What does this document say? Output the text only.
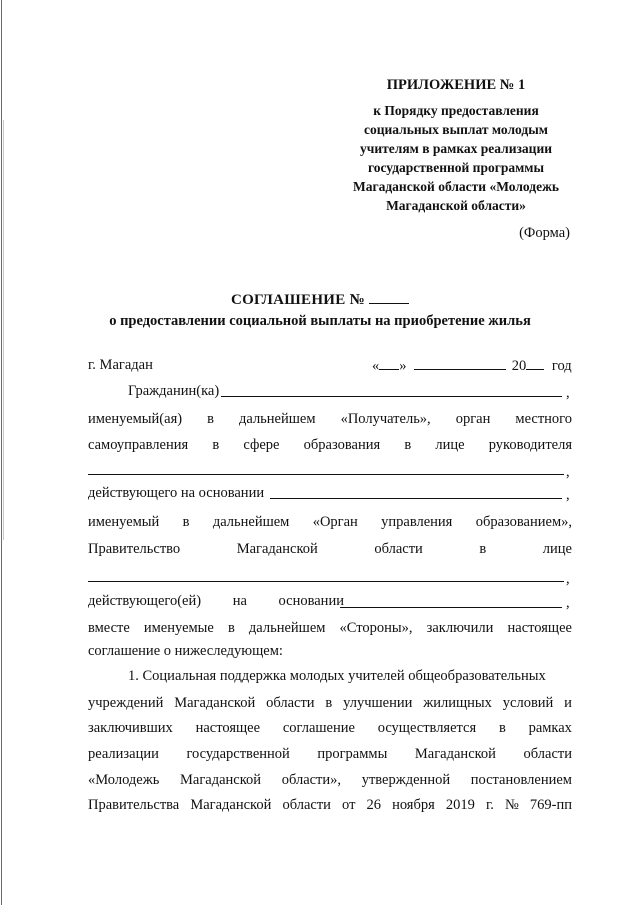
ПРИЛОЖЕНИЕ № 1
к Порядку предоставления
социальных выплат молодым
учителям в рамках реализации
государственной программы
Магаданской области «Молодежь
Магаданской области»
(Форма)
СОГЛАШЕНИЕ №
о предоставлении социальной выплаты на приобретение жилья
г. Магадан	« »	20 год
Гражданин(ка)	,
именуемый(ая) в дальнейшем «Получатель», орган местного
самоуправления в сфере образования в лице руководителя
,
действующего на основании	,
именуемый в дальнейшем «Орган управления образованием»,
Правительство	Магаданской	области	в	лице
,
действующего(ей) на основании	,
вместе именуемые в дальнейшем «Стороны», заключили настоящее
соглашение о нижеследующем:
1. Социальная поддержка молодых учителей общеобразовательных
учреждений Магаданской области в улучшении жилищных условий и
заключивших настоящее соглашение осуществляется в рамках
реализации государственной программы Магаданской области
«Молодежь Магаданской области», утвержденной постановлением
Правительства Магаданской области от 26 ноября 2019 г. № 769-пп
